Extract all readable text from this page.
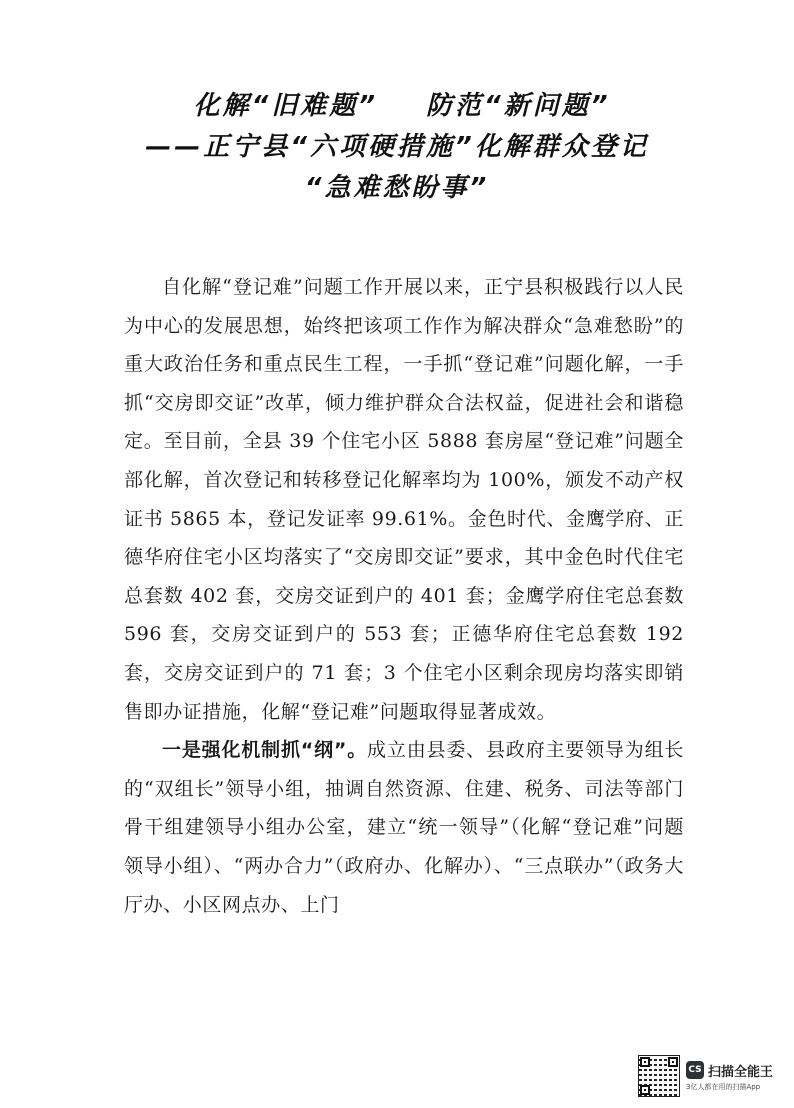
化解“旧难题” 防范“新问题”
——正宁县“六项硬措施”化解群众登记
“急难愁盼事”

自化解“登记难”问题工作开展以来，正宁县积极践行以人民为中心的发展思想，始终把该项工作作为解决群众“急难愁盼”的重大政治任务和重点民生工程，一手抓“登记难”问题化解，一手抓“交房即交证”改革，倾力维护群众合法权益，促进社会和谐稳定。至目前，全县 39 个住宅小区 5888 套房屋“登记难”问题全部化解，首次登记和转移登记化解率均为 100%，颁发不动产权证书 5865 本，登记发证率 99.61%。金色时代、金鹰学府、正德华府住宅小区均落实了“交房即交证”要求，其中金色时代住宅总套数 402 套，交房交证到户的 401 套；金鹰学府住宅总套数 596 套，交房交证到户的 553 套；正德华府住宅总套数 192 套，交房交证到户的 71 套；3 个住宅小区剩余现房均落实即销售即办证措施，化解“登记难”问题取得显著成效。

一是强化机制抓“纲”。成立由县委、县政府主要领导为组长的“双组长”领导小组，抽调自然资源、住建、税务、司法等部门骨干组建领导小组办公室，建立“统一领导”（化解“登记难”问题领导小组）、“两办合力”（政府办、化解办）、“三点联办”（政务大厅办、小区网点办、上门

CS 扫描全能王
3亿人都在用的扫描App
